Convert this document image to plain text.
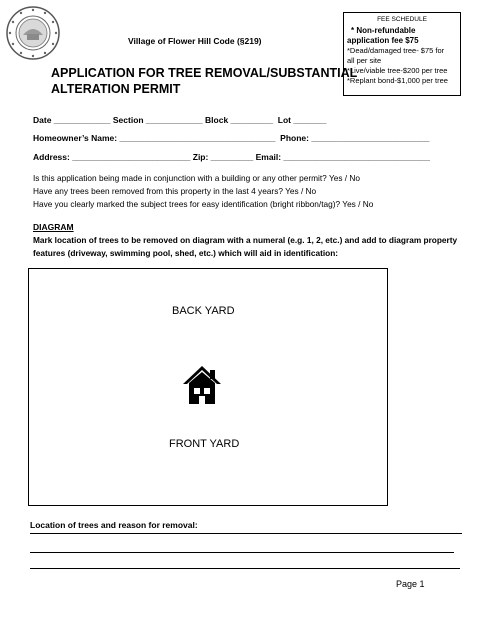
Village of Flower Hill Code (§219)
APPLICATION FOR TREE REMOVAL/SUBSTANTIAL
ALTERATION PERMIT
FEE SCHEDULE
* Non-refundable
application fee $75
*Dead/damaged tree- $75 for
all per site
*Live/viable tree-$200 per tree
*Replant bond-$1,000 per tree
Date ____________ Section ____________ Block _________  Lot _______
Homeowner’s Name: _________________________________  Phone: _________________________
Address: _________________________ Zip: _________ Email: _______________________________
Is this application being made in conjunction with a building or any other permit? Yes / No
Have any trees been removed from this property in the last 4 years? Yes / No
Have you clearly marked the subject trees for easy identification (bright ribbon/tag)? Yes / No
DIAGRAM
Mark location of trees to be removed on diagram with a numeral (e.g. 1, 2, etc.) and add to diagram property features (driveway, swimming pool, shed, etc.) which will aid in identification:
BACK YARD
FRONT YARD
Location of trees and reason for removal:
Page 1
